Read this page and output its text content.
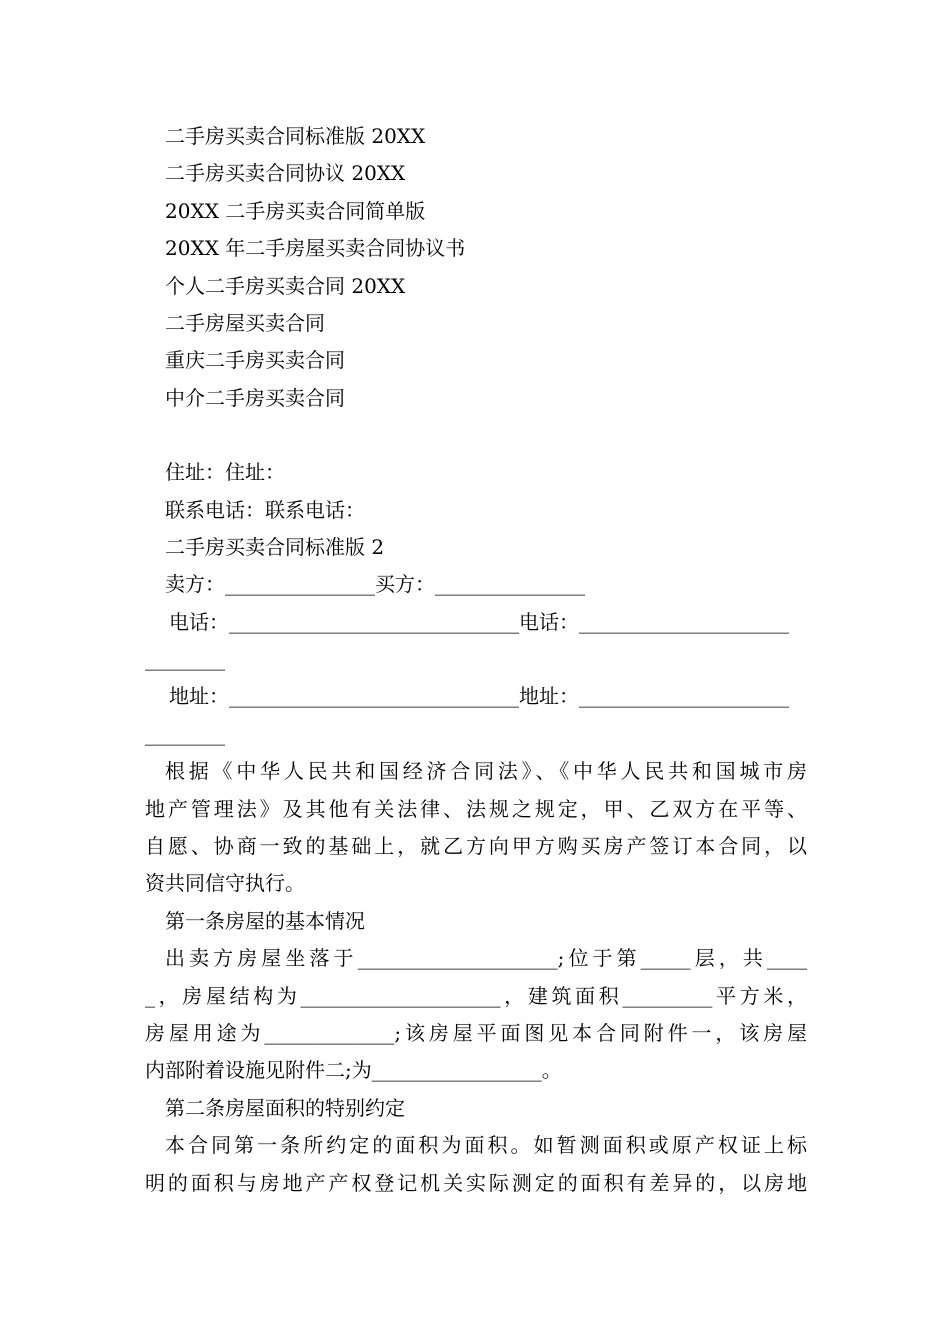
二手房买卖合同标准版 20XX
二手房买卖合同协议 20XX
20XX 二手房买卖合同简单版
20XX 年二手房屋买卖合同协议书
个人二手房买卖合同 20XX
二手房屋买卖合同
重庆二手房买卖合同
中介二手房买卖合同
住址：住址：
联系电话：联系电话：
二手房买卖合同标准版 2
卖方：_______________买方：_______________
电话：_____________________________电话：_____________________
________
地址：_____________________________地址：_____________________
________
根据《中华人民共和国经济合同法》、《中华人民共和国城市房
地产管理法》及其他有关法律、法规之规定，甲、乙双方在平等、
自愿、协商一致的基础上，就乙方向甲方购买房产签订本合同，以
资共同信守执行。
第一条房屋的基本情况
出卖方房屋坐落于____________________;位于第_____层，共____
_，房屋结构为____________________，建筑面积_________平方米，
房屋用途为_____________;该房屋平面图见本合同附件一，该房屋
内部附着设施见附件二;为_________________。
第二条房屋面积的特别约定
本合同第一条所约定的面积为面积。如暂测面积或原产权证上标
明的面积与房地产产权登记机关实际测定的面积有差异的，以房地
